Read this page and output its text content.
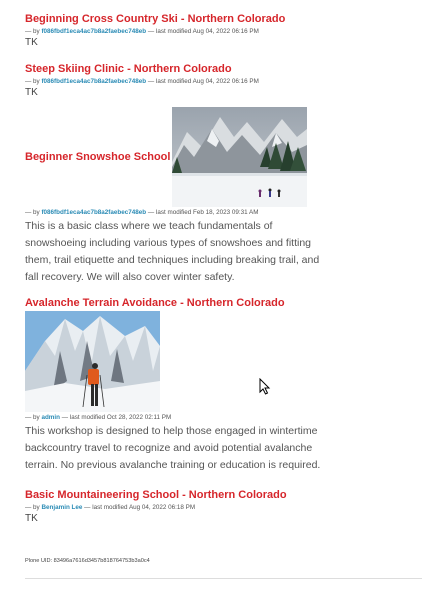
Beginning Cross Country Ski - Northern Colorado
— by f086fbdf1eca4ac7b8a2faebec748eb — last modified Aug 04, 2022 06:16 PM
TK
Steep Skiing Clinic - Northern Colorado
— by f086fbdf1eca4ac7b8a2faebec748eb — last modified Aug 04, 2022 06:16 PM
TK
Beginner Snowshoe School
— by f086fbdf1eca4ac7b8a2faebec748eb — last modified Feb 18, 2023 09:31 AM
This is a basic class where we teach fundamentals of snowshoeing including various types of snowshoes and fitting them, trail etiquette and techniques including breaking trail, and fall recovery. We will also cover winter safety.
Avalanche Terrain Avoidance - Northern Colorado
— by admin — last modified Oct 28, 2022 02:11 PM
This workshop is designed to help those engaged in wintertime backcountry travel to recognize and avoid potential avalanche terrain. No previous avalanche training or education is required.
Basic Mountaineering School - Northern Colorado
— by Benjamin Lee — last modified Aug 04, 2022 06:18 PM
TK
Plone UID: 83496a7616d3457b818764753b3a0c4
